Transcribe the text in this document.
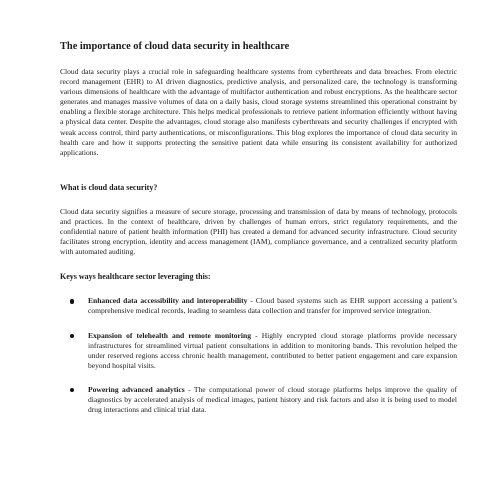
The importance of cloud data security in healthcare

Cloud data security plays a crucial role in safeguarding healthcare systems from cyberthreats and data breaches. From electric record management (EHR) to AI driven diagnostics, predictive analysis, and personalized care, the technology is transforming various dimensions of healthcare with the advantage of multifactor authentication and robust encryptions. As the healthcare sector generates and manages massive volumes of data on a daily basis, cloud storage systems streamlined this operational constraint by enabling a flexible storage architecture. This helps medical professionals to retrieve patient information efficiently without having a physical data center. Despite the advantages, cloud storage also manifests cyberthreats and security challenges if encrypted with weak access control, third party authentications, or misconfigurations. This blog explores the importance of cloud data security in health care and how it supports protecting the sensitive patient data while ensuring its consistent availability for authorized applications.

What is cloud data security?

Cloud data security signifies a measure of secure storage, processing and transmission of data by means of technology, protocols and practices. In the context of healthcare, driven by challenges of human errors, strict regulatory requirements, and the confidential nature of patient health information (PHI) has created a demand for advanced security infrastructure. Cloud security facilitates strong encryption, identity and access management (IAM), compliance governance, and a centralized security platform with automated auditing.

Keys ways healthcare sector leveraging this:
Enhanced data accessibility and interoperability - Cloud based systems such as EHR support accessing a patient’s comprehensive medical records, leading to seamless data collection and transfer for improved service integration.
Expansion of telehealth and remote monitoring - Highly encrypted cloud storage platforms provide necessary infrastructures for streamlined virtual patient consultations in addition to monitoring bands. This revolution helped the under reserved regions access chronic health management, contributed to better patient engagement and care expansion beyond hospital visits.
Powering advanced analytics - The computational power of cloud storage platforms helps improve the quality of diagnostics by accelerated analysis of medical images, patient history and risk factors and also it is being used to model drug interactions and clinical trial data.
